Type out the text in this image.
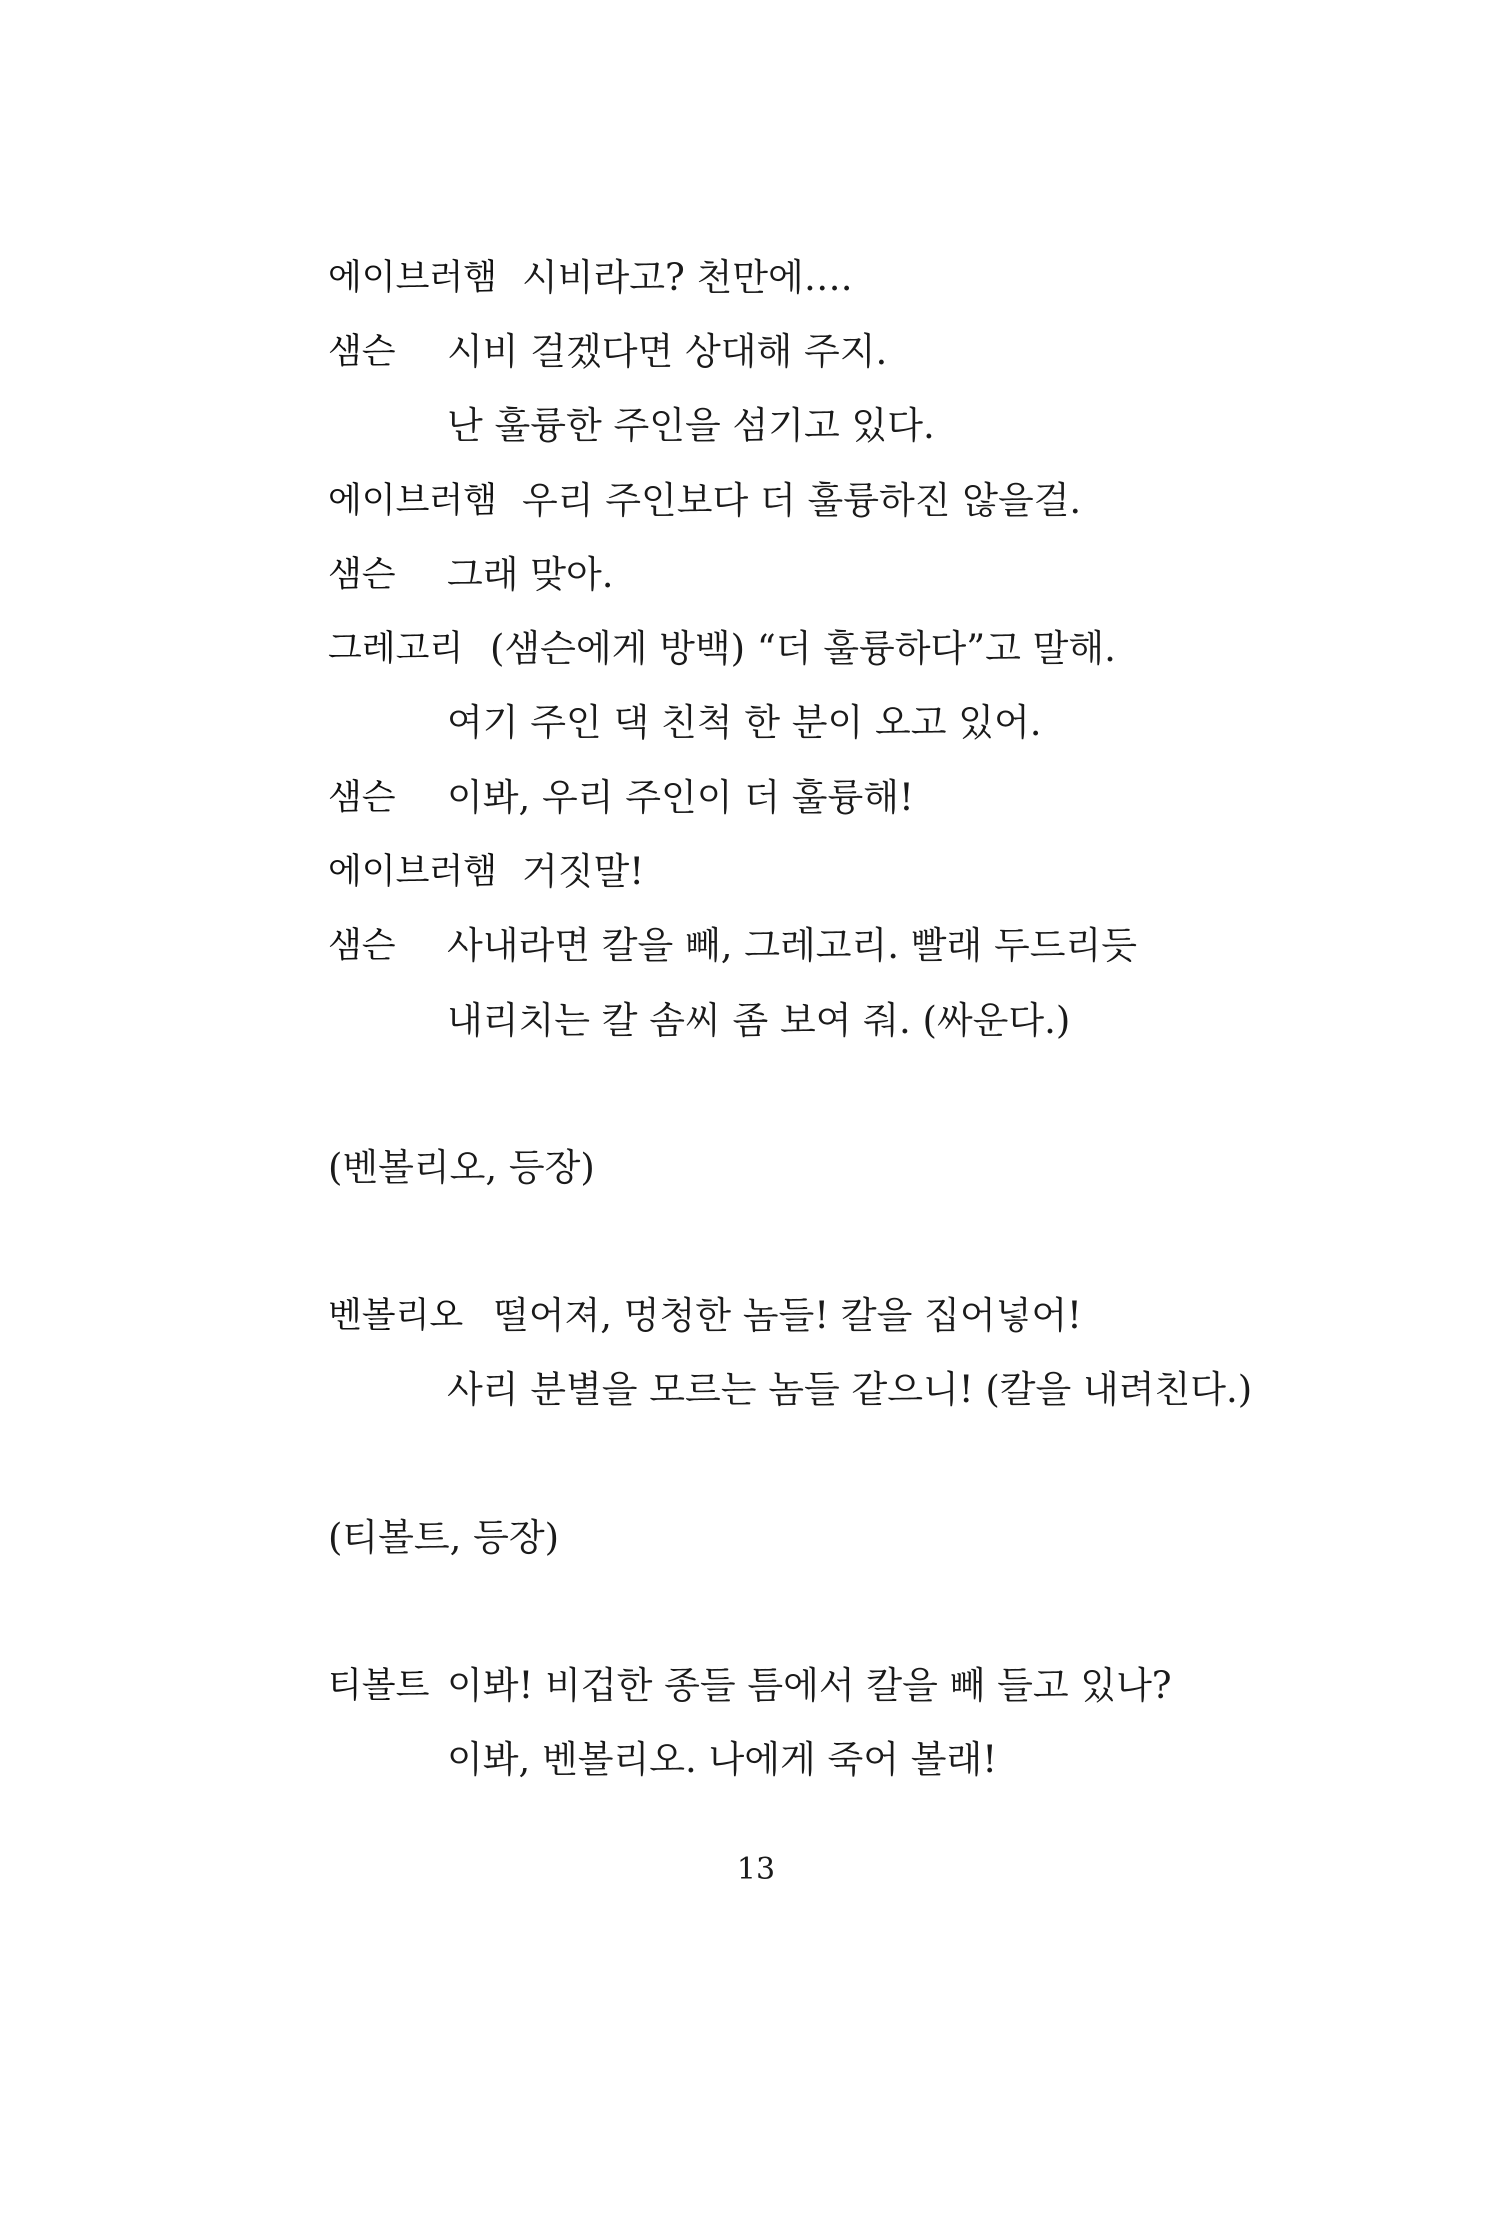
에이브러햄 시비라고? 천만에….
샘슨 시비 걸겠다면 상대해 주지.
난 훌륭한 주인을 섬기고 있다.
에이브러햄 우리 주인보다 더 훌륭하진 않을걸.
샘슨 그래 맞아.
그레고리 (샘슨에게 방백) “더 훌륭하다”고 말해.
여기 주인 댁 친척 한 분이 오고 있어.
샘슨 이봐, 우리 주인이 더 훌륭해!
에이브러햄 거짓말!
샘슨 사내라면 칼을 빼, 그레고리. 빨래 두드리듯
내리치는 칼 솜씨 좀 보여 줘. (싸운다.)
(벤볼리오, 등장)
벤볼리오 떨어져, 멍청한 놈들! 칼을 집어넣어!
사리 분별을 모르는 놈들 같으니! (칼을 내려친다.)
(티볼트, 등장)
티볼트 이봐! 비겁한 종들 틈에서 칼을 빼 들고 있나?
이봐, 벤볼리오. 나에게 죽어 볼래!
13
